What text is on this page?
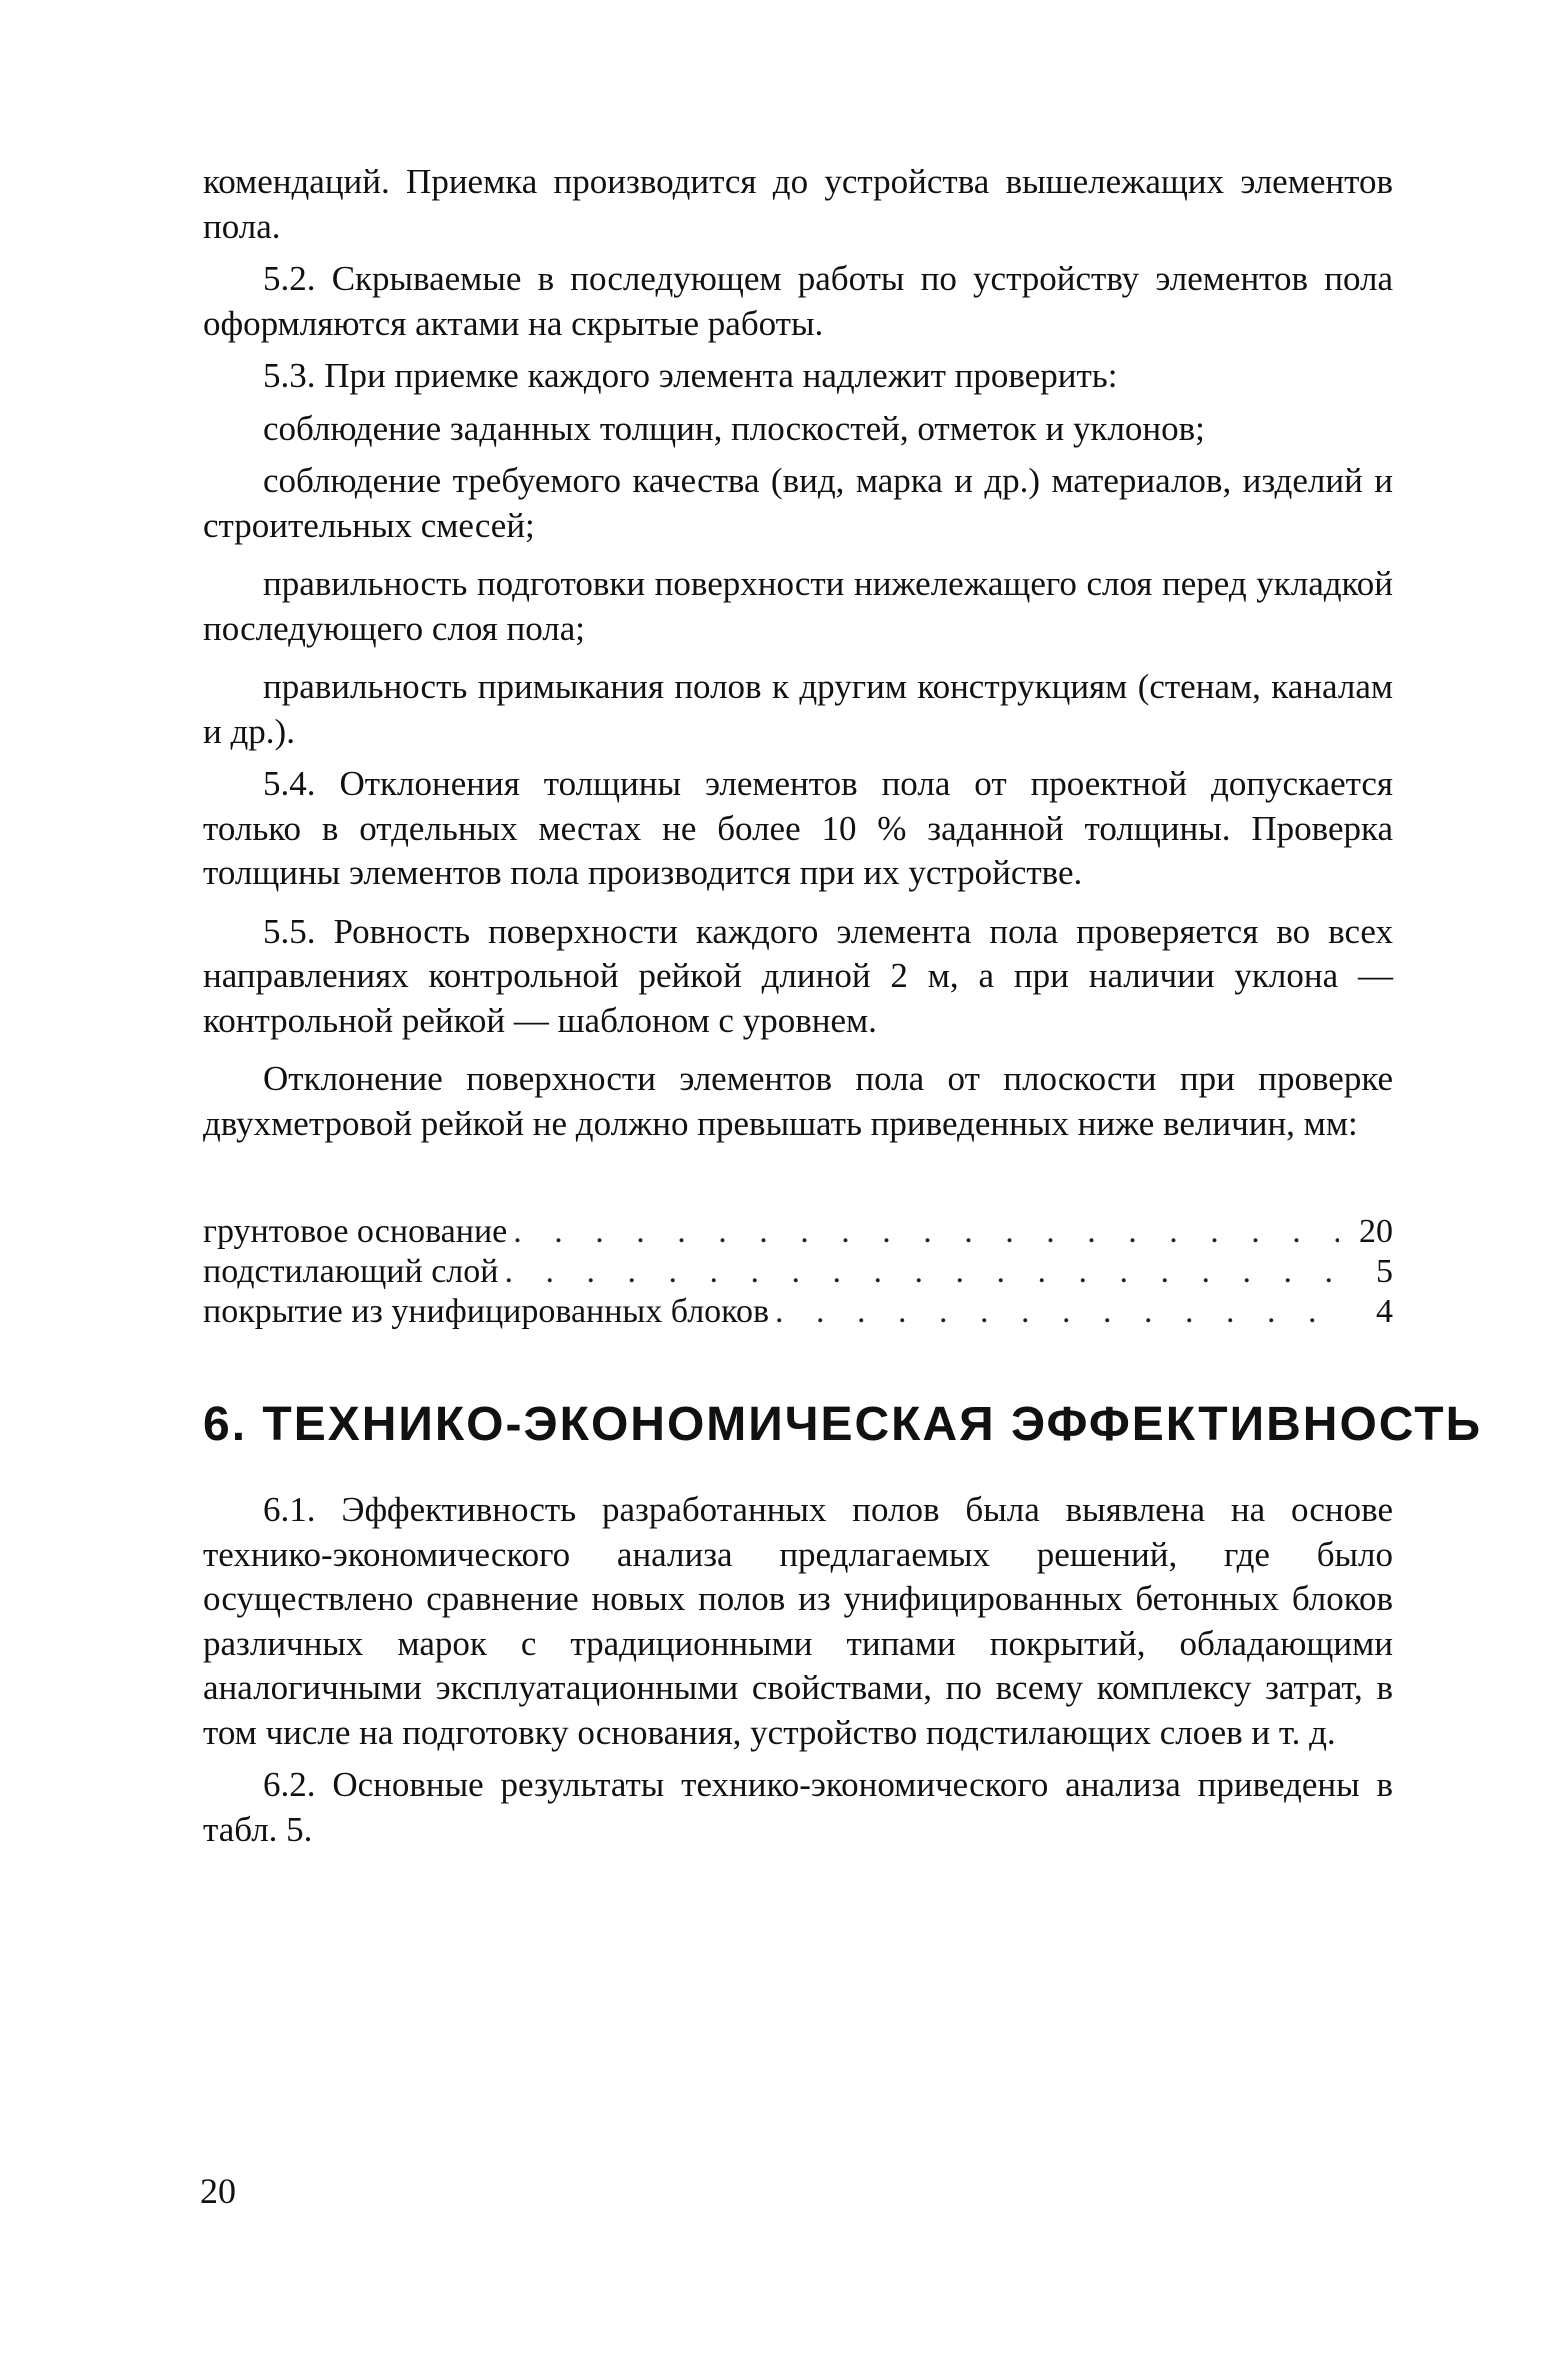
комендаций. Приемка производится до устройства вышележащих элементов пола.

5.2. Скрываемые в последующем работы по устройству элементов пола оформляются актами на скрытые работы.

5.3. При приемке каждого элемента надлежит проверить:

соблюдение заданных толщин, плоскостей, отметок и уклонов;

соблюдение требуемого качества (вид, марка и др.) материалов, изделий и строительных смесей;

правильность подготовки поверхности нижележащего слоя перед укладкой последующего слоя пола;

правильность примыкания полов к другим конструкциям (стенам, каналам и др.).

5.4. Отклонения толщины элементов пола от проектной допускается только в отдельных местах не более 10 % заданной толщины. Проверка толщины элементов пола производится при их устройстве.

5.5. Ровность поверхности каждого элемента пола проверяется во всех направлениях контрольной рейкой длиной 2 м, а при наличии уклона — контрольной рейкой — шаблоном с уровнем.

Отклонение поверхности элементов пола от плоскости при проверке двухметровой рейкой не должно превышать приведенных ниже величин, мм:

грунтовое основание . . .	20
подстилающий слой . . .	5
покрытие из унифицированных блоков . . .	4
6. ТЕХНИКО-ЭКОНОМИЧЕСКАЯ ЭФФЕКТИВНОСТЬ

6.1. Эффективность разработанных полов была выявлена на основе технико-экономического анализа предлагаемых решений, где было осуществлено сравнение новых полов из унифицированных бетонных блоков различных марок с традиционными типами покрытий, обладающими аналогичными эксплуатационными свойствами, по всему комплексу затрат, в том числе на подготовку основания, устройство подстилающих слоев и т. д.

6.2. Основные результаты технико-экономического анализа приведены в табл. 5.

20
